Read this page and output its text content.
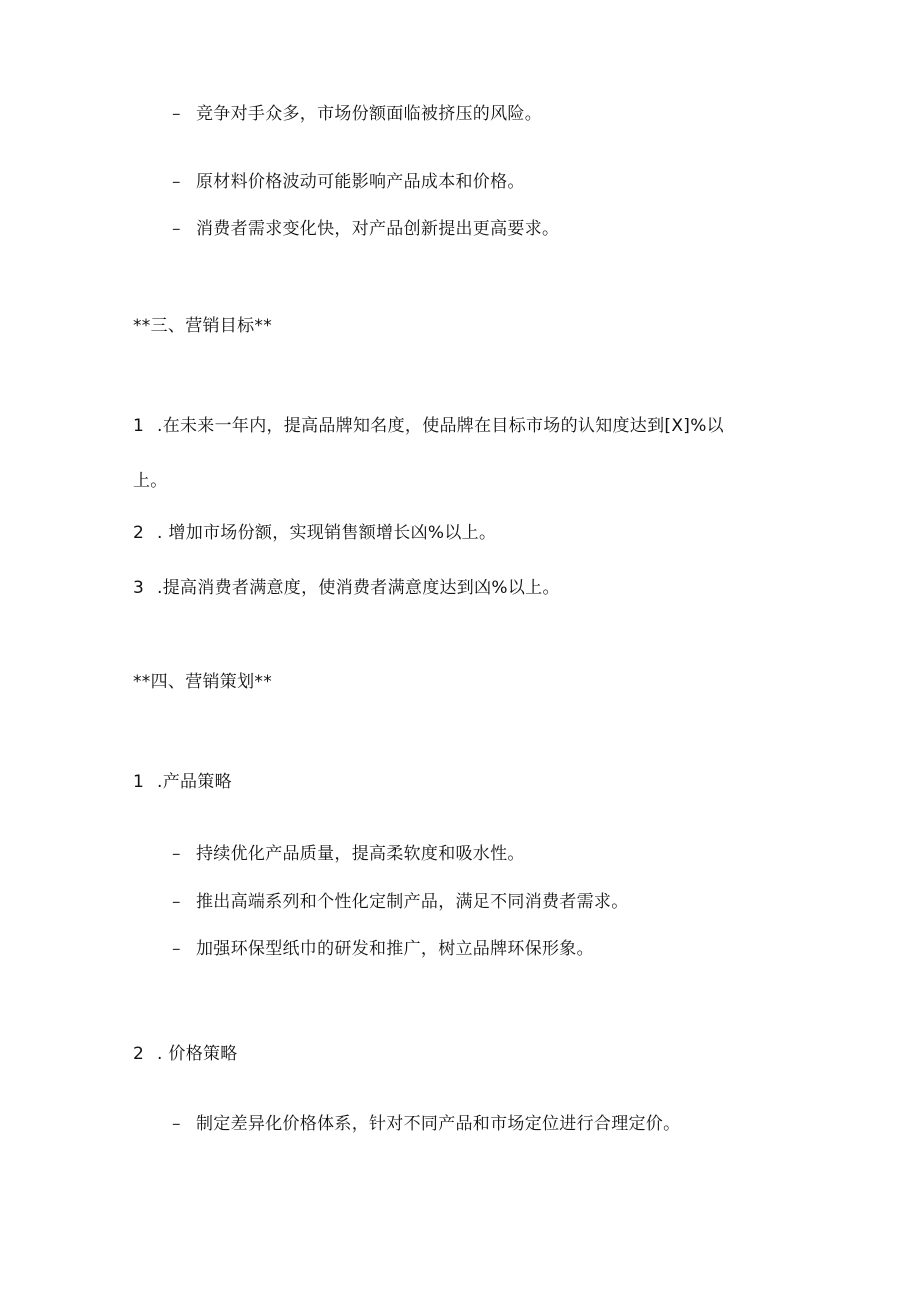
– 竞争对手众多，市场份额面临被挤压的风险。
– 原材料价格波动可能影响产品成本和价格。
– 消费者需求变化快，对产品创新提出更高要求。
**三、营销目标**
1 .在未来一年内，提高品牌知名度，使品牌在目标市场的认知度达到[X]%以
上。
2 . 增加市场份额，实现销售额增长凶%以上。
3 .提高消费者满意度，使消费者满意度达到凶%以上。
**四、营销策划**
1 .产品策略
– 持续优化产品质量，提高柔软度和吸水性。
– 推出高端系列和个性化定制产品，满足不同消费者需求。
– 加强环保型纸巾的研发和推广，树立品牌环保形象。
2 . 价格策略
– 制定差异化价格体系，针对不同产品和市场定位进行合理定价。
